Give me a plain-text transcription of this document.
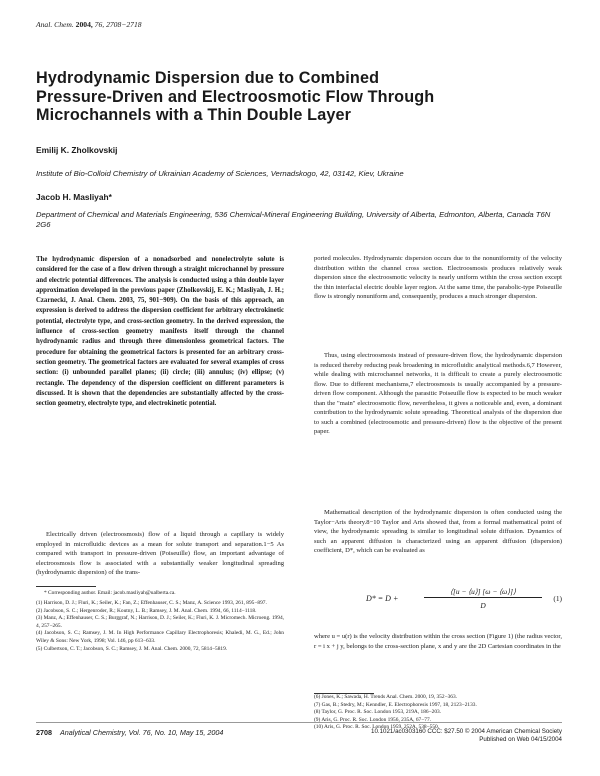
Anal. Chem. 2004, 76, 2708−2718
Hydrodynamic Dispersion due to Combined
Pressure-Driven and Electroosmotic Flow Through
Microchannels with a Thin Double Layer
Emilij K. Zholkovskij
Institute of Bio-Colloid Chemistry of Ukrainian Academy of Sciences, Vernadskogo, 42, 03142, Kiev, Ukraine
Jacob H. Masliyah*
Department of Chemical and Materials Engineering, 536 Chemical-Mineral Engineering Building, University of Alberta, Edmonton, Alberta, Canada T6N 2G6
The hydrodynamic dispersion of a nonadsorbed and nonelectrolyte solute is considered for the case of a flow driven through a straight microchannel by pressure and electric potential differences. The analysis is conducted using a thin double layer approximation developed in the previous paper (Zholkovskij, E. K.; Masliyah, J. H.; Czarnecki, J. Anal. Chem. 2003, 75, 901−909). On the basis of this approach, an expression is derived to address the dispersion coefficient for arbitrary electrokinetic potential, electrolyte type, and cross-section geometry. In the derived expression, the influence of cross-section geometry manifests itself through the channel hydrodynamic radius and through three dimensionless geometrical factors. The procedure for obtaining the geometrical factors is presented for an arbitrary cross-section geometry. The geometrical factors are evaluated for several examples of cross section: (i) unbounded parallel planes; (ii) circle; (iii) annulus; (iv) ellipse; (v) rectangle. The dependency of the dispersion coefficient on different parameters is discussed. It is shown that the dependencies are substantially affected by the cross-section geometry, electrolyte type, and electrokinetic potential.
Electrically driven (electroosmosis) flow of a liquid through a capillary is widely employed in microfluidic devices as a mean for solute transport and separation.1−5 As compared with transport in pressure-driven (Poiseuille) flow, an important advantage of electroosmosis flow is associated with a substantially weaker longitudinal spreading (hydrodynamic dispersion) of the trans-
* Corresponding author. Email: jacob.masliyah@ualberta.ca.
(1) Harrison, D. J.; Fluri, K.; Seiler, K.; Fan, Z.; Effenhauser, C. S.; Manz, A. Science 1993, 261, 895−897.
(2) Jacobson, S. C.; Hergenroder, R.; Koutny, L. B.; Ramsey, J. M. Anal. Chem. 1994, 66, 1114−1118.
(3) Manz, A.; Effenhauser, C. S.; Burggraf, N.; Harrison, D. J.; Seiler, K.; Fluri, K. J. Micromech. Microeng. 1994, 4, 257−265.
(4) Jacobson, S. C.; Ramsey, J. M. In High Performance Capillary Electrophoresis; Khaledi, M. G., Ed.; John Wiley & Sons: New York, 1998; Vol. 146, pp 613−633.
(5) Culbertson, C. T.; Jacobson, S. C.; Ramsey, J. M. Anal. Chem. 2000, 72, 5814−5819.
ported molecules. Hydrodynamic dispersion occurs due to the nonuniformity of the velocity distribution within the channel cross section. Electroosmosis produces relatively weak dispersion since the electroosmotic velocity is nearly uniform within the cross section except the thin interfacial electric double layer region. At the same time, the parabolic-type Poiseuille flow is strongly nonuniform and, consequently, produces a much stronger dispersion.
Thus, using electroosmosis instead of pressure-driven flow, the hydrodynamic dispersion is reduced thereby reducing peak broadening in microfluidic analytical methods.6,7 However, while dealing with microchannel networks, it is difficult to create a purely electroosmotic flow. Due to different mechanisms,7 electroosmosis is usually accompanied by a pressure-driven flow component. Although the parasitic Poiseuille flow is expected to be much weaker than the "main" electroosmotic flow, nevertheless, it gives a noticeable and, even, a dominant contribution to the hydrodynamic solute spreading. Theoretical analysis of the dispersion due to such a combined (electroosmotic and pressure-driven) flow is the objective of the present paper.
Mathematical description of the hydrodynamic dispersion is often conducted using the Taylor−Aris theory.8−10 Taylor and Aris showed that, from a formal mathematical point of view, the hydrodynamic spreading is similar to longitudinal solute diffusion. Dynamics of such an apparent diffusion is characterized using an apparent diffusion (dispersion) coefficient, D*, which can be evaluated as
D* = D +
⟨[u − ⟨u⟩] [ω − ⟨ω⟩]⟩
D
(1)
where u = u(r) is the velocity distribution within the cross section (Figure 1) (the radius vector, r = i x + j y, belongs to the cross-section plane, x and y are the 2D Cartesian coordinates in the
(6) Jones, K.; Sawada, H. Trends Anal. Chem. 2000, 19, 352−363.
(7) Gas, B.; Stedry, M.; Kenndler, E. Electrophoresis 1997, 18, 2123−2133.
(8) Taylor, G. Proc. R. Soc. London 1953, 219A, 186−203.
(9) Aris, G. Proc. R. Soc. London 1956, 235A, 67−77.
(10) Aris, G. Proc. R. Soc. London 1959, 252A, 538−550.
2708 Analytical Chemistry, Vol. 76, No. 10, May 15, 2004	10.1021/ac0303160 CCC: $27.50 © 2004 American Chemical Society
Published on Web 04/15/2004
